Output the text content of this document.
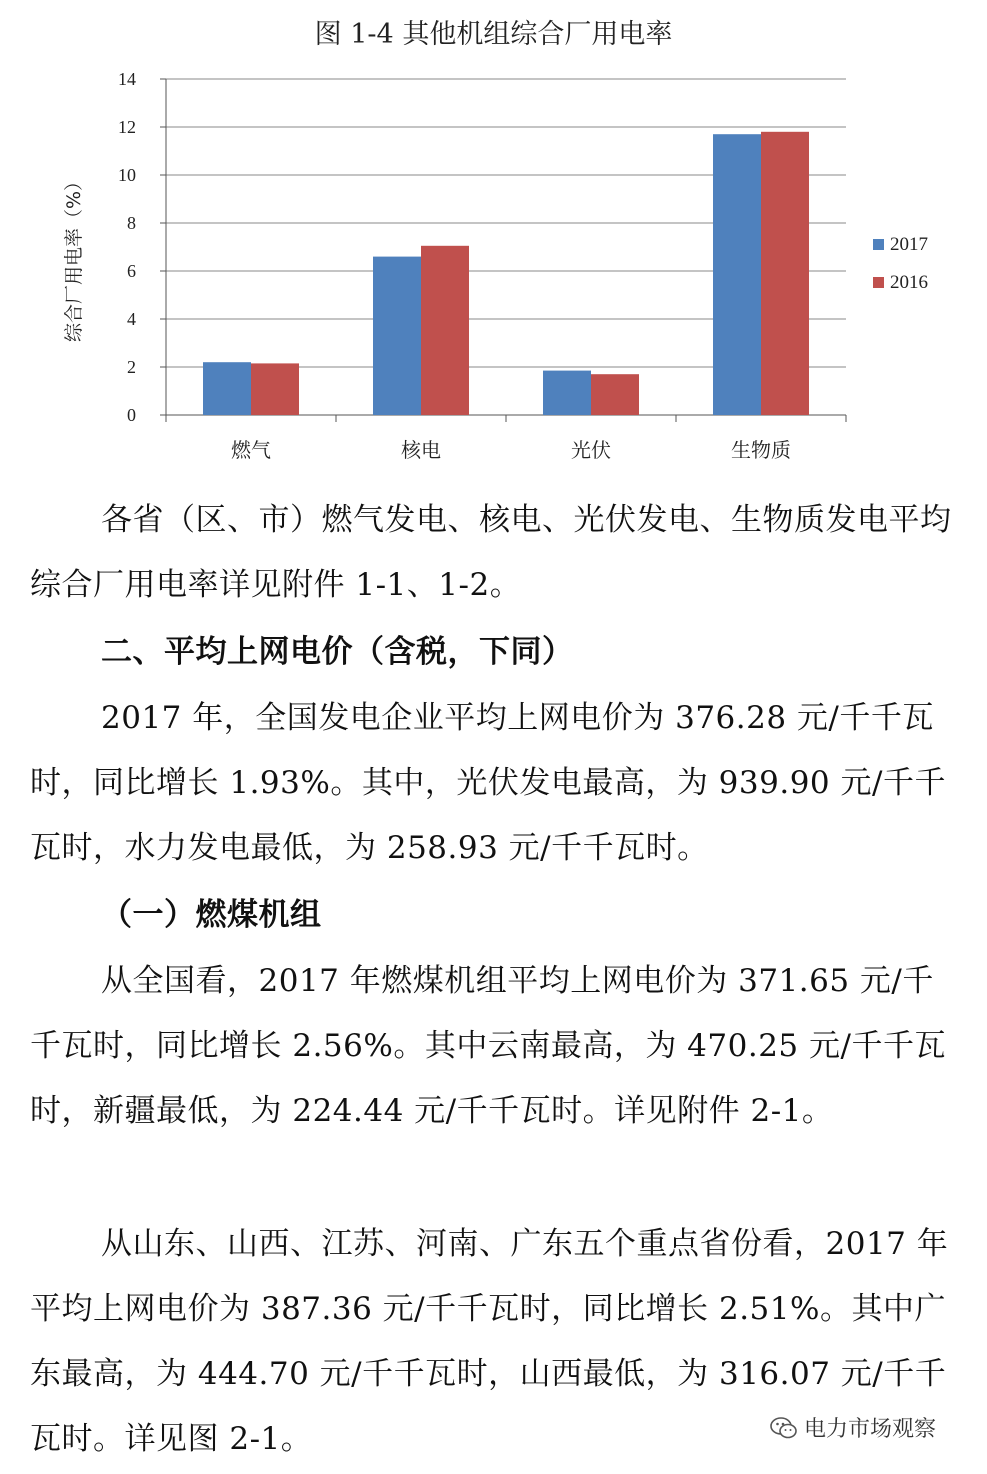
图 1-4 其他机组综合厂用电率
0
2
4
6
8
10
12
14
综合厂用电率（%）
燃气	核电	光伏	生物质
2017
2016
各省（区、市）燃气发电、核电、光伏发电、生物质发电平均综合厂用电率详见附件 1-1、1-2。
二、平均上网电价（含税，下同）
2017 年，全国发电企业平均上网电价为 376.28 元/千千瓦时，同比增长 1.93%。其中，光伏发电最高，为 939.90 元/千千瓦时，水力发电最低，为 258.93 元/千千瓦时。
（一）燃煤机组
从全国看，2017 年燃煤机组平均上网电价为 371.65 元/千千瓦时，同比增长 2.56%。其中云南最高，为 470.25 元/千千瓦时，新疆最低，为 224.44 元/千千瓦时。详见附件 2-1。
从山东、山西、江苏、河南、广东五个重点省份看，2017 年平均上网电价为 387.36 元/千千瓦时，同比增长 2.51%。其中广东最高，为 444.70 元/千千瓦时，山西最低，为 316.07 元/千千瓦时。详见图 2-1。	电力市场观察
